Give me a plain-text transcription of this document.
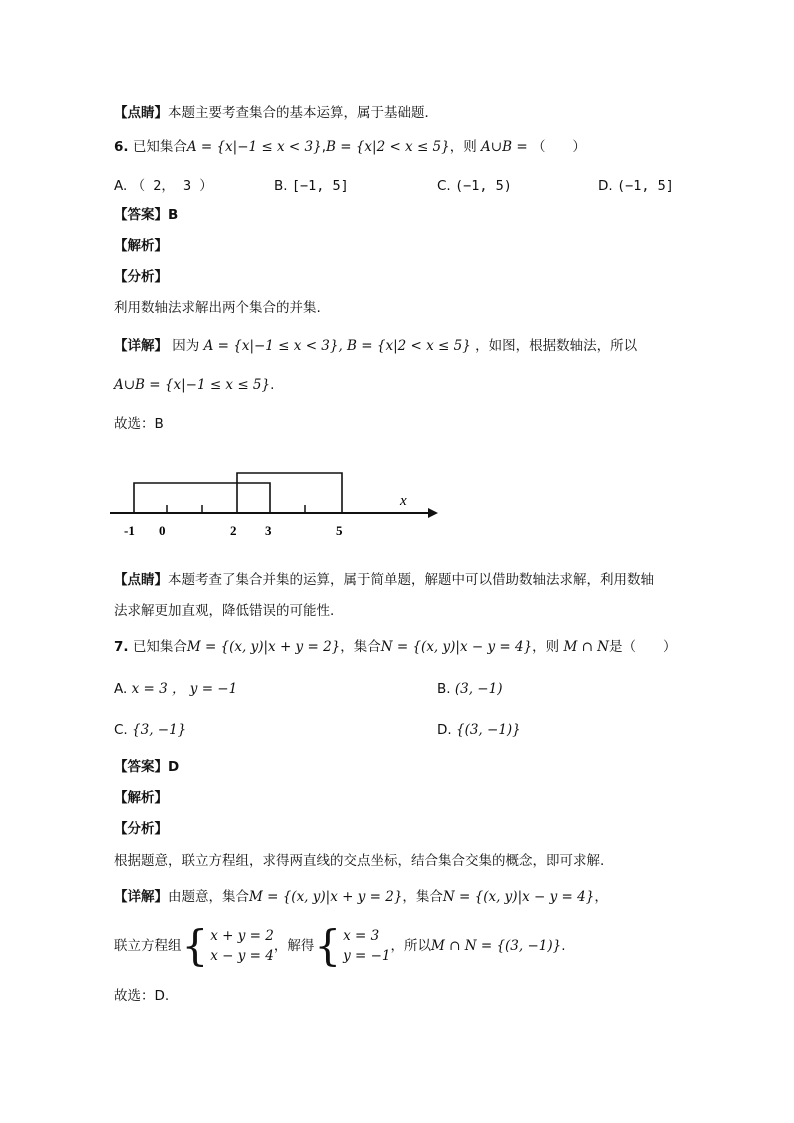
【点睛】本题主要考查集合的基本运算，属于基础题．
6. 已知集合A = {x|−1 ≤ x < 3},B = {x|2 < x ≤ 5}，则 A∪B = （　　）
A. （ 2， 3 ）	B. [−1, 5]	C. (−1, 5)	D. (−1, 5]
【答案】B
【解析】
【分析】
利用数轴法求解出两个集合的并集.
【详解】 因为 A = {x|−1 ≤ x < 3}, B = {x|2 < x ≤ 5} ，如图，根据数轴法，所以
A∪B = {x|−1 ≤ x ≤ 5}.
故选：B
x
-1 0	2 3	5
【点睛】本题考查了集合并集的运算，属于简单题，解题中可以借助数轴法求解，利用数轴
法求解更加直观，降低错误的可能性.
7. 已知集合M = {(x, y)|x + y = 2}，集合N = {(x, y)|x − y = 4}，则 M ∩ N是（　　）
A. x = 3 ， y = −1	B. (3, −1)
C. {3, −1}	D. {(3, −1)}
【答案】D
【解析】
【分析】
根据题意，联立方程组，求得两直线的交点坐标，结合集合交集的概念，即可求解.
【详解】由题意，集合M = {(x, y)|x + y = 2}，集合N = {(x, y)|x − y = 4}，
联立方程组{ x + y = 2
x − y = 4
，解得{ x = 3
y = −1
，所以M ∩ N = {(3, −1)}.
故选：D.
